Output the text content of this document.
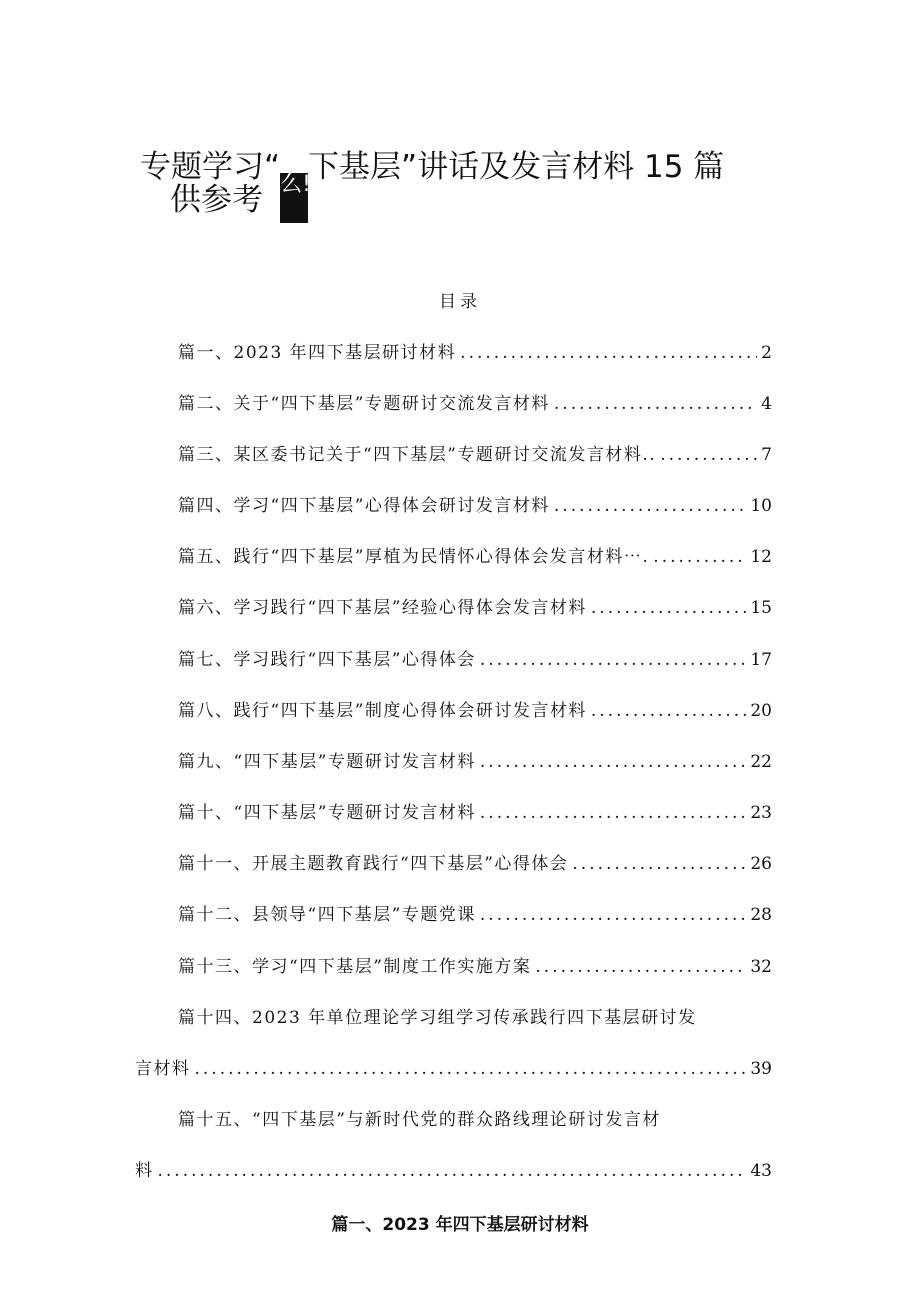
专题学习“么!下基层”讲话及发言材料 15 篇
供参考
目录
篇一、2023 年四下基层研讨材料 .....	2
篇二、关于“四下基层”专题研讨交流发言材料 .....	4
篇三、某区委书记关于“四下基层”专题研讨交流发言材料.. .....	7
篇四、学习“四下基层”心得体会研讨发言材料 .....	10
篇五、践行“四下基层”厚植为民情怀心得体会发言材料⋯. .....	12
篇六、学习践行“四下基层”经验心得体会发言材料 .....	15
篇七、学习践行“四下基层”心得体会 .....	17
篇八、践行“四下基层”制度心得体会研讨发言材料 .....	20
篇九、“四下基层”专题研讨发言材料 .....	22
篇十、“四下基层”专题研讨发言材料 .....	23
篇十一、开展主题教育践行“四下基层”心得体会 .....	26
篇十二、县领导“四下基层”专题党课 .....	28
篇十三、学习“四下基层”制度工作实施方案 .....	32
篇十四、2023 年单位理论学习组学习传承践行四下基层研讨发
言材料 .....	39
篇十五、“四下基层”与新时代党的群众路线理论研讨发言材
料 .....	43
篇一、2023 年四下基层研讨材料
